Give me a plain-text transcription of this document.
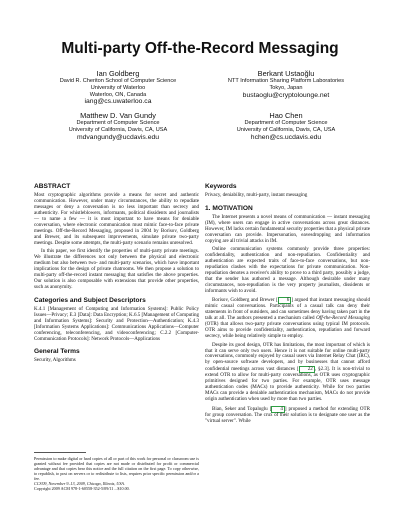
Multi-party Off-the-Record Messaging
Ian Goldberg
David R. Cheriton School of Computer Science
University of Waterloo
Waterloo, ON, Canada
iang@cs.uwaterloo.ca
Berkant Ustaoğlu
NTT Information Sharing Platform Laboratories
Tokyo, Japan
bustaoglu@cryptolounge.net
Matthew D. Van Gundy
Department of Computer Science
University of California, Davis, CA, USA
mdvangundy@ucdavis.edu
Hao Chen
Department of Computer Science
University of California, Davis, CA, USA
hchen@cs.ucdavis.edu
ABSTRACT

Most cryptographic algorithms provide a means for secret and authentic communication. However, under many circumstances, the ability to repudiate messages or deny a conversation is no less important than secrecy and authenticity. For whistleblowers, informants, political dissidents and journalists — to name a few — it is most important to have means for deniable conversation, where electronic communication must mimic face-to-face private meetings. Off-the-Record Messaging, proposed in 2004 by Borisov, Goldberg and Brewer, and its subsequent improvements, simulate private two-party meetings. Despite some attempts, the multi-party scenario remains unresolved.

In this paper, we first identify the properties of multi-party private meetings. We illustrate the differences not only between the physical and electronic medium but also between two- and multi-party scenarios, which have important implications for the design of private chatrooms. We then propose a solution to multi-party off-the-record instant messaging that satisfies the above properties. Our solution is also composable with extensions that provide other properties, such as anonymity.

Categories and Subject Descriptors

K.4.1 [Management of Computing and Information Systems]: Public Policy Issues—Privacy; E.3 [Data]: Data Encryption; K.6.5 [Management of Computing and Information Systems]: Security and Protection—Authentication; K.4.3 [Information Systems Applications]: Communications Applications—Computer conferencing, teleconferencing, and videoconferencing; C.2.2 [Computer-Communication Protocols]: Network Protocols—Applications

General Terms

Security, Algorithms

Permission to make digital or hard copies of all or part of this work for personal or classroom use is granted without fee provided that copies are not made or distributed for profit or commercial advantage and that copies bear this notice and the full citation on the first page. To copy otherwise, to republish, to post on servers or to redistribute to lists, requires prior specific permission and/or a fee.
CCS'09, November 9–13, 2009, Chicago, Illinois, USA.
Copyright 2009 ACM 978-1-60558-352-5/09/11 ...$10.00.
Keywords

Privacy, deniability, multi-party, instant messaging

1. MOTIVATION

The Internet presents a novel means of communication — instant messaging (IM), where users can engage in active conversations across great distances. However, IM lacks certain fundamental security properties that a physical private conversation can provide. Impersonation, eavesdropping and information copying are all trivial attacks in IM.

Online communication systems commonly provide three properties: confidentiality, authentication and non-repudiation. Confidentiality and authentication are expected traits of face-to-face conversations, but non-repudiation clashes with the expectations for private communication. Non-repudiation denotes a receiver's ability to prove to a third party, possibly a judge, that the sender has authored a message. Although desirable under many circumstances, non-repudiation is the very property journalists, dissidents or informants wish to avoid.

Borisov, Goldberg and Brewer [ 6 ] argued that instant messaging should mimic casual conversations. Participants of a casual talk can deny their statements in front of outsiders, and can sometimes deny having taken part in the talk at all. The authors presented a mechanism called Off-the-Record Messaging (OTR) that allows two-party private conversations using typical IM protocols. OTR aims to provide confidentiality, authentication, repudiation and forward secrecy, while being relatively simple to employ.

Despite its good design, OTR has limitations, the most important of which is that it can serve only two users. Hence it is not suitable for online multi-party conversations, commonly enjoyed by casual users via Internet Relay Chat (IRC), by open-source software developers, and by businesses that cannot afford confidential meetings across vast distances [ 22 , §2.3]. It is non-trivial to extend OTR to allow for multi-party conversations, as OTR uses cryptographic primitives designed for two parties. For example, OTR uses message authentication codes (MACs) to provide authenticity. While for two parties MACs can provide a deniable authentication mechanism, MACs do not provide origin authentication when used by more than two parties.

Bian, Seker and Topaloglu [ 4 ] proposed a method for extending OTR for group conversation. The crux of their solution is to designate one user as the "virtual server". While
